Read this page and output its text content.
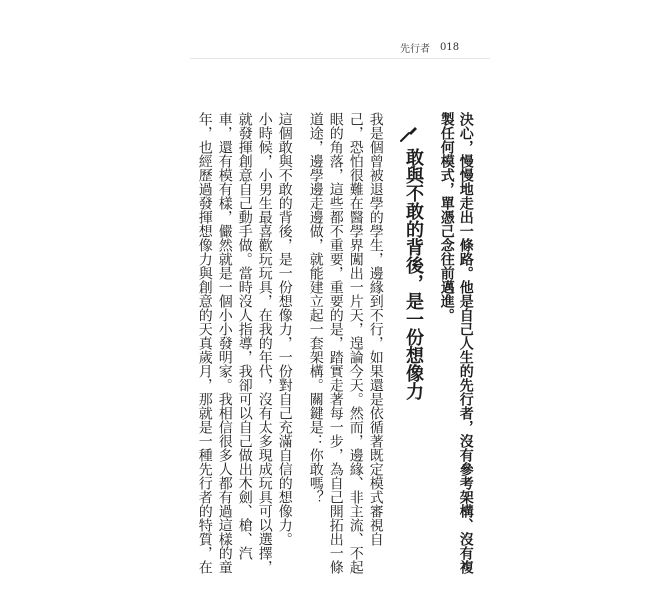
先行者 018
決心，慢慢地走出一條路。他是自己人生的先行者，沒有參考架構、沒有複
製任何模式，單憑己念往前邁進。
敢與不敢的背後，是一份想像力
我是個曾被退學的學生，邊緣到不行，如果還是依循著既定模式審視自
己，恐怕很難在醫學界闖出一片天，遑論今天。然而，邊緣、非主流、不起
眼的角落，這些都不重要，重要的是，踏實走著每一步，為自己開拓出一條
道途，邊學邊走邊做，就能建立起一套架構。關鍵是：你敢嗎？
這個敢與不敢的背後，是一份想像力，一份對自己充滿自信的想像力。
小時候，小男生最喜歡玩玩具，在我的年代，沒有太多現成玩具可以選擇，
就發揮創意自己動手做。當時沒人指導，我卻可以自己做出木劍、槍、汽
車，還有模有樣，儼然就是一個小小發明家。我相信很多人都有過這樣的童
年，也經歷過發揮想像力與創意的天真歲月，那就是一種先行者的特質，在
